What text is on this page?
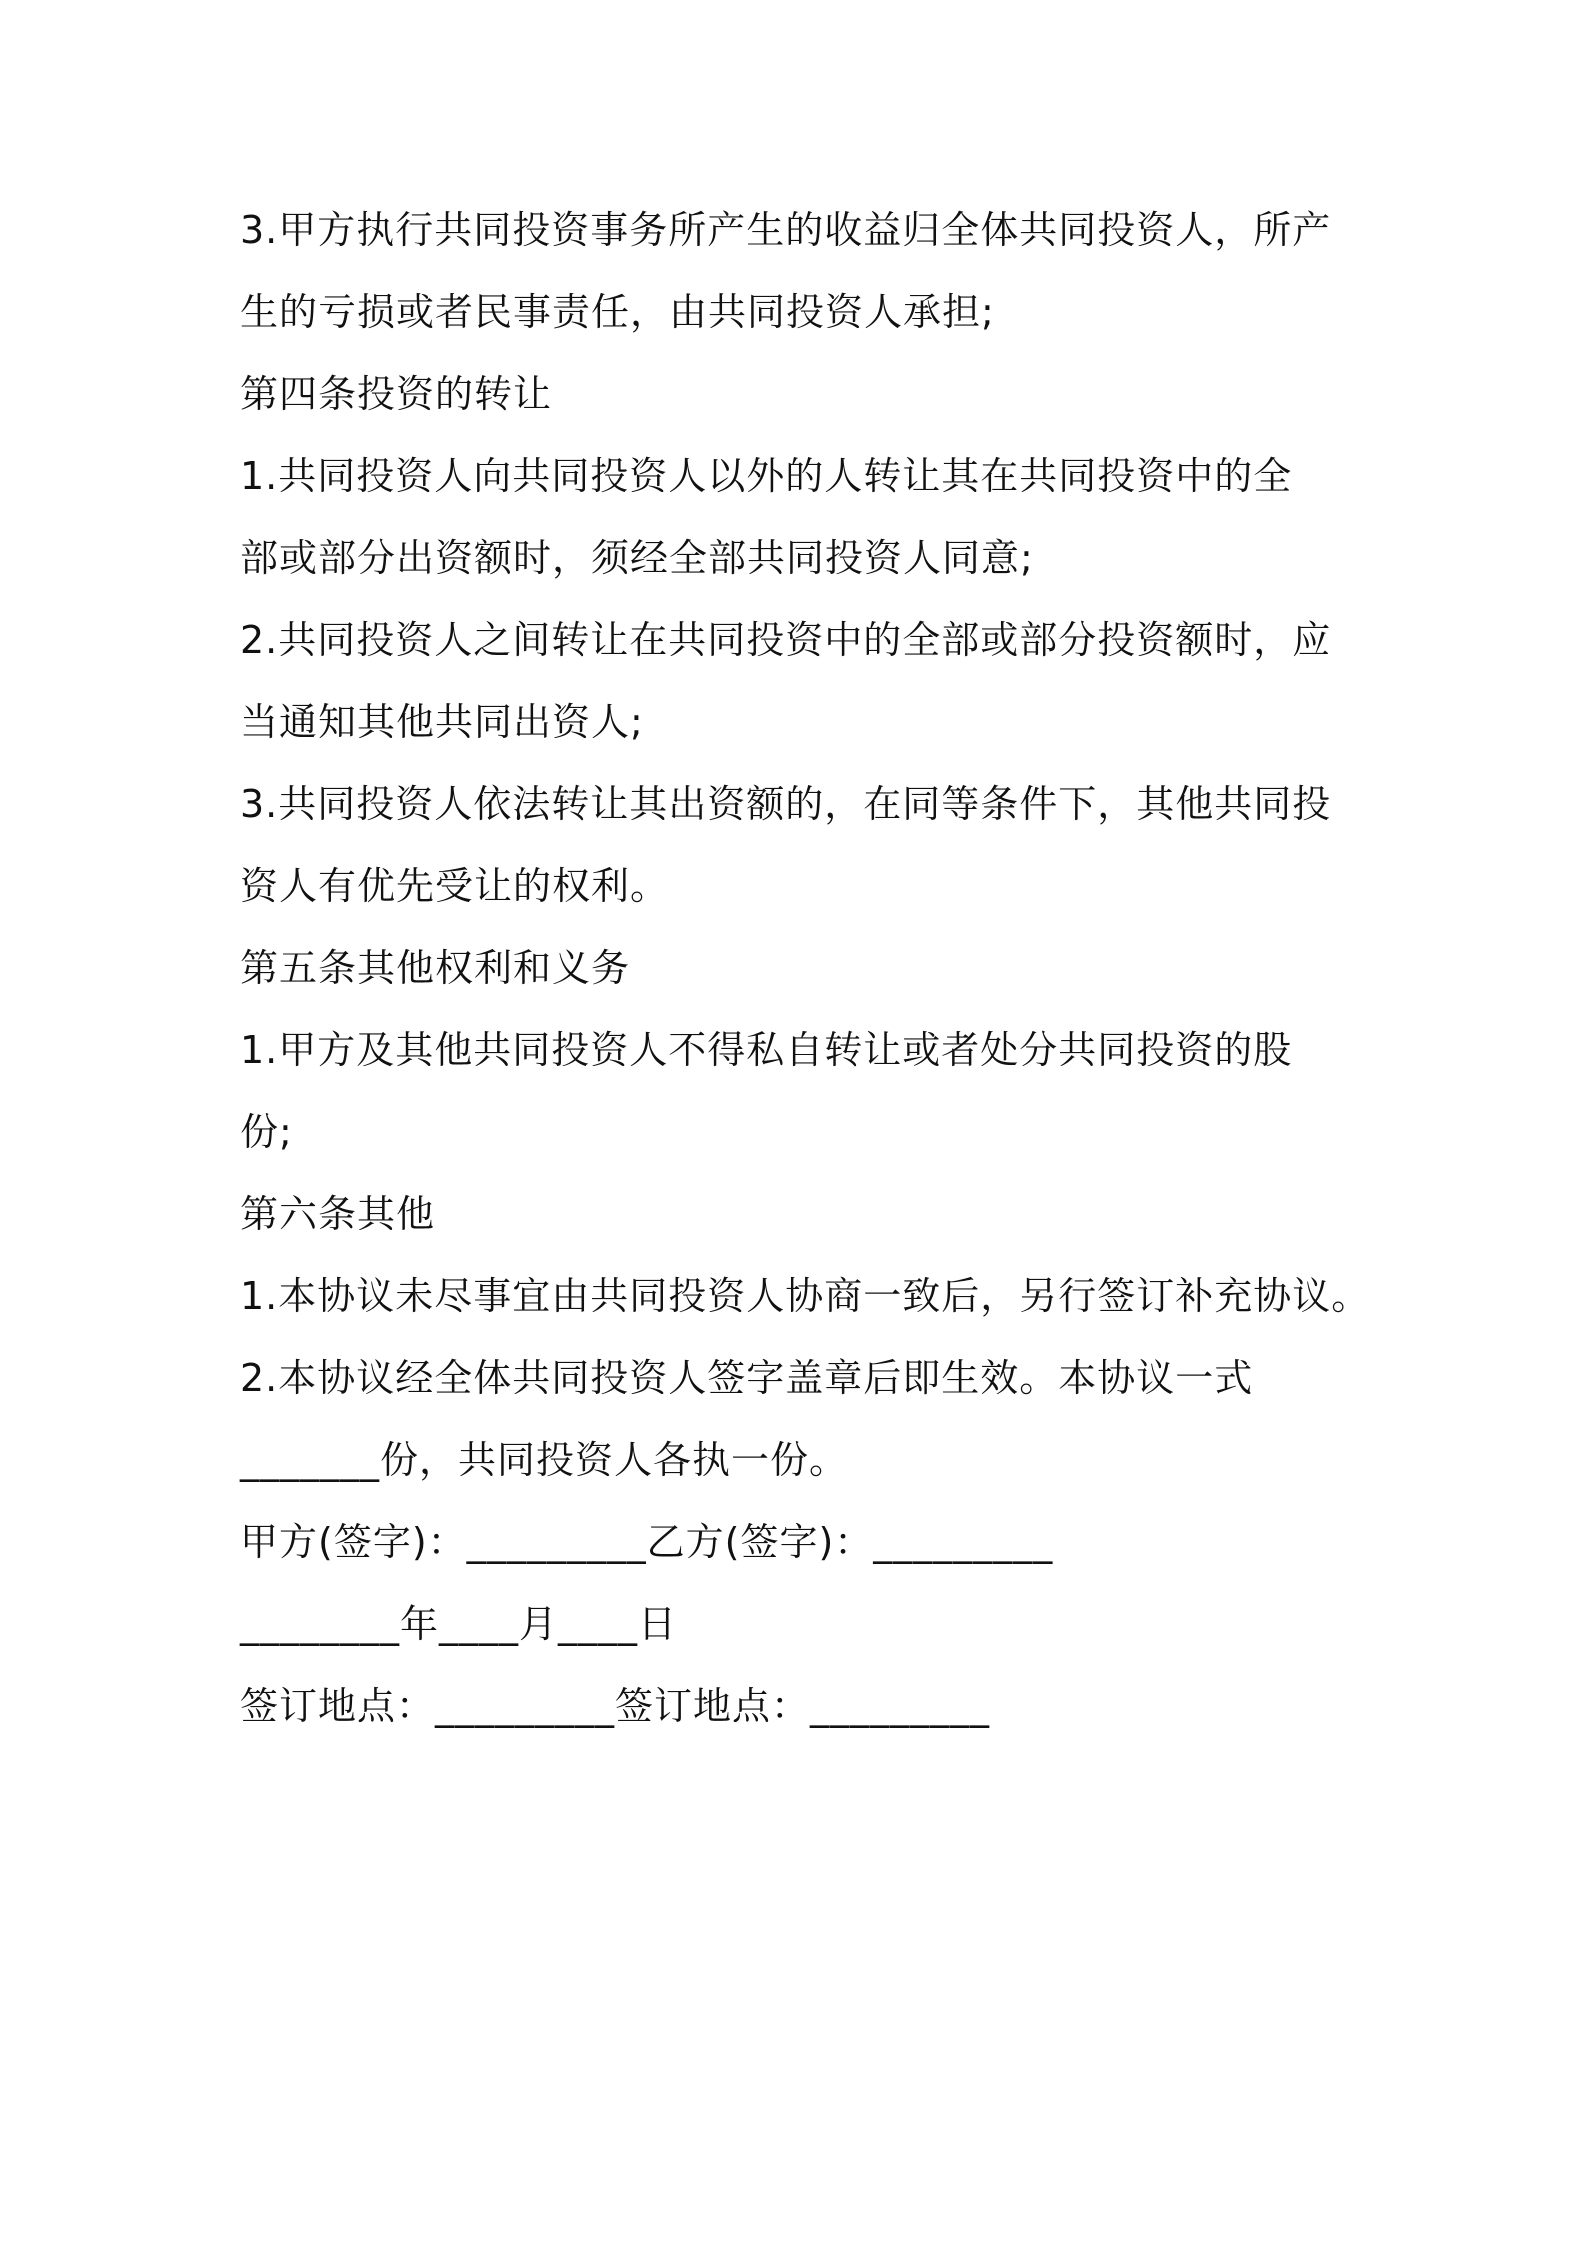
3.甲方执行共同投资事务所产生的收益归全体共同投资人，所产

生的亏损或者民事责任，由共同投资人承担;

第四条投资的转让

1.共同投资人向共同投资人以外的人转让其在共同投资中的全

部或部分出资额时，须经全部共同投资人同意;

2.共同投资人之间转让在共同投资中的全部或部分投资额时，应

当通知其他共同出资人;

3.共同投资人依法转让其出资额的，在同等条件下，其他共同投

资人有优先受让的权利。

第五条其他权利和义务

1.甲方及其他共同投资人不得私自转让或者处分共同投资的股

份;

第六条其他

1.本协议未尽事宜由共同投资人协商一致后，另行签订补充协议。

2.本协议经全体共同投资人签字盖章后即生效。本协议一式

_______份，共同投资人各执一份。

甲方(签字)：_________乙方(签字)：_________

________年____月____日

签订地点：_________签订地点：_________
